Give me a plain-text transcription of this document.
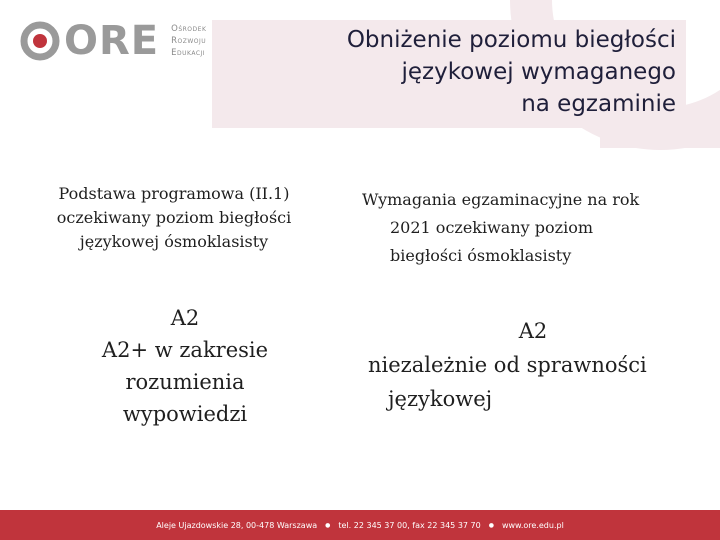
ORE Ośrodek
Rozwoju
Edukacji	Obniżenie poziomu biegłości
językowej wymaganego
na egzaminie
Podstawa programowa (II.1)
oczekiwany poziom biegłości
językowej ósmoklasisty
A2
A2+ w zakresie
rozumienia
wypowiedzi
Wymagania egzaminacyjne na rok
2021 oczekiwany poziom
biegłości ósmoklasisty
A2
niezależnie od sprawności
językowej
Aleje Ujazdowskie 28, 00-478 Warszawa ● tel. 22 345 37 00, fax 22 345 37 70 ● www.ore.edu.pl
